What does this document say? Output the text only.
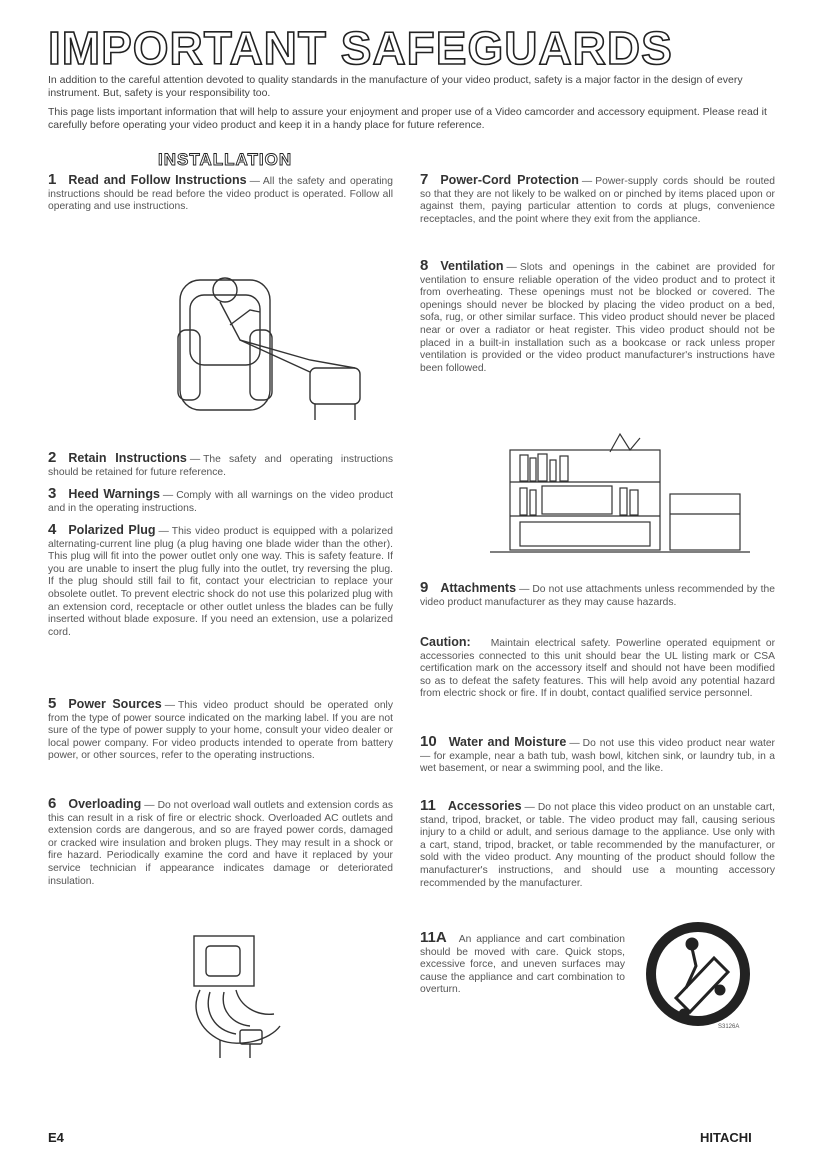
IMPORTANT SAFEGUARDS
In addition to the careful attention devoted to quality standards in the manufacture of your video product, safety is a major factor in the design of every instrument. But, safety is your responsibility too.
This page lists important information that will help to assure your enjoyment and proper use of a Video camcorder and accessory equipment. Please read it carefully before operating your video product and keep it in a handy place for future reference.
INSTALLATION
1 Read and Follow Instructions — All the safety and operating instructions should be read before the video product is operated. Follow all operating and use instructions.
2 Retain Instructions — The safety and operating instructions should be retained for future reference.
3 Heed Warnings — Comply with all warnings on the video product and in the operating instructions.
4 Polarized Plug — This video product is equipped with a polarized alternating-current line plug (a plug having one blade wider than the other). This plug will fit into the power outlet only one way. This is safety feature. If you are unable to insert the plug fully into the outlet, try reversing the plug. If the plug should still fail to fit, contact your electrician to replace your obsolete outlet. To prevent electric shock do not use this polarized plug with an extension cord, receptacle or other outlet unless the blades can be fully inserted without blade exposure. If you need an extension, use a polarized cord.
5 Power Sources — This video product should be operated only from the type of power source indicated on the marking label. If you are not sure of the type of power supply to your home, consult your video dealer or local power company. For video products intended to operate from battery power, or other sources, refer to the operating instructions.
6 Overloading — Do not overload wall outlets and extension cords as this can result in a risk of fire or electric shock. Overloaded AC outlets and extension cords are dangerous, and so are frayed power cords, damaged or cracked wire insulation and broken plugs. They may result in a shock or fire hazard. Periodically examine the cord and have it replaced by your service technician if appearance indicates damage or deteriorated insulation.
7 Power-Cord Protection — Power-supply cords should be routed so that they are not likely to be walked on or pinched by items placed upon or against them, paying particular attention to cords at plugs, convenience receptacles, and the point where they exit from the appliance.
8 Ventilation — Slots and openings in the cabinet are provided for ventilation to ensure reliable operation of the video product and to protect it from overheating. These openings must not be blocked or covered. The openings should never be blocked by placing the video product on a bed, sofa, rug, or other similar surface. This video product should never be placed near or over a radiator or heat register. This video product should not be placed in a built-in installation such as a bookcase or rack unless proper ventilation is provided or the video product manufacturer's instructions have been followed.
9 Attachments — Do not use attachments unless recommended by the video product manufacturer as they may cause hazards.
Caution: Maintain electrical safety. Powerline operated equipment or accessories connected to this unit should bear the UL listing mark or CSA certification mark on the accessory itself and should not have been modified so as to defeat the safety features. This will help avoid any potential hazard from electric shock or fire. If in doubt, contact qualified service personnel.
10 Water and Moisture — Do not use this video product near water — for example, near a bath tub, wash bowl, kitchen sink, or laundry tub, in a wet basement, or near a swimming pool, and the like.
11 Accessories — Do not place this video product on an unstable cart, stand, tripod, bracket, or table. The video product may fall, causing serious injury to a child or adult, and serious damage to the appliance. Use only with a cart, stand, tripod, bracket, or table recommended by the manufacturer, or sold with the video product. Any mounting of the product should follow the manufacturer's instructions, and should use a mounting accessory recommended by the manufacturer.
11A An appliance and cart combination should be moved with care. Quick stops, excessive force, and uneven surfaces may cause the appliance and cart combination to overturn.
S3126A
E4	HITACHI
